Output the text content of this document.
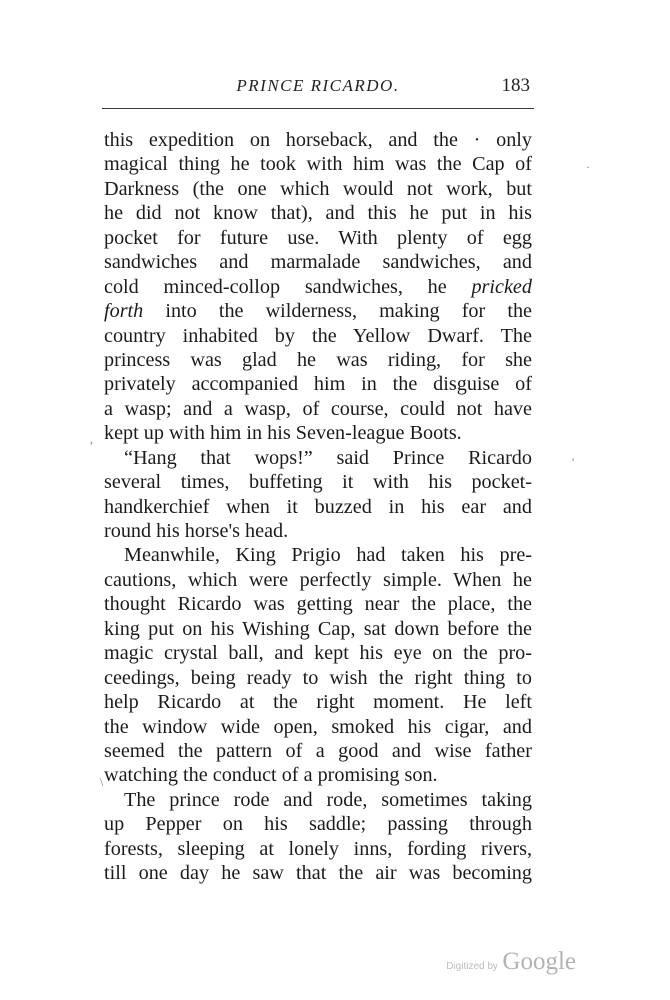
PRINCE RICARDO.	183
this expedition on horseback, and the · only
magical thing he took with him was the Cap of
Darkness (the one which would not work, but
he did not know that), and this he put in his
pocket for future use. With plenty of egg
sandwiches and marmalade sandwiches, and
cold minced-collop sandwiches, he pricked
forth into the wilderness, making for the
country inhabited by the Yellow Dwarf. The
princess was glad he was riding, for she
privately accompanied him in the disguise of
a wasp; and a wasp, of course, could not have
kept up with him in his Seven-league Boots.
“Hang that wops!” said Prince Ricardo
several times, buffeting it with his pocket-
handkerchief when it buzzed in his ear and
round his horse's head.
Meanwhile, King Prigio had taken his pre-
cautions, which were perfectly simple. When he
thought Ricardo was getting near the place, the
king put on his Wishing Cap, sat down before the
magic crystal ball, and kept his eye on the pro-
ceedings, being ready to wish the right thing to
help Ricardo at the right moment. He left
the window wide open, smoked his cigar, and
seemed the pattern of a good and wise father
watching the conduct of a promising son.
The prince rode and rode, sometimes taking
up Pepper on his saddle; passing through
forests, sleeping at lonely inns, fording rivers,
till one day he saw that the air was becoming
,
·
'
\
Digitized by Google
